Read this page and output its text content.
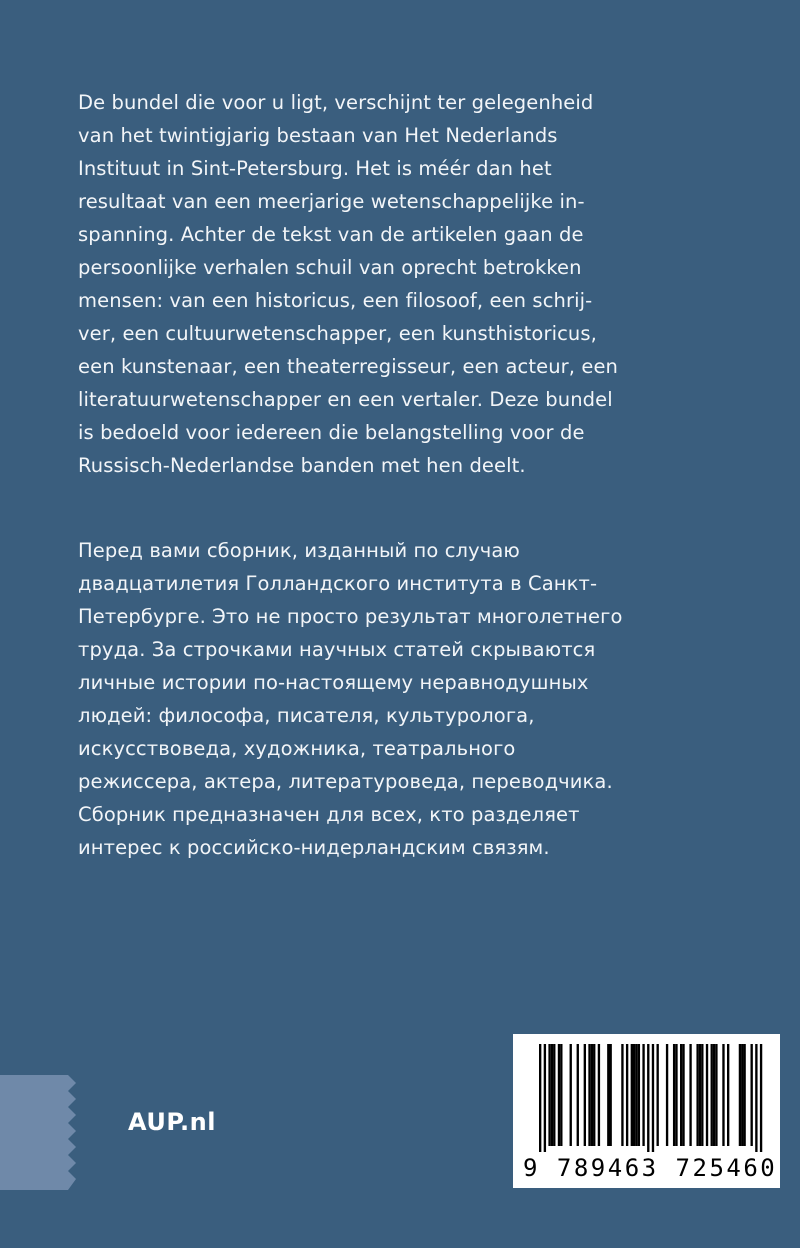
De bundel die voor u ligt, verschijnt ter gelegenheid
van het twintigjarig bestaan van Het Nederlands
Instituut in Sint-Petersburg. Het is méér dan het
resultaat van een meerjarige wetenschappelijke in-
spanning. Achter de tekst van de artikelen gaan de
persoonlijke verhalen schuil van oprecht betrokken
mensen: van een historicus, een filosoof, een schrij-
ver, een cultuurwetenschapper, een kunsthistoricus,
een kunstenaar, een theaterregisseur, een acteur, een
literatuurwetenschapper en een vertaler. Deze bundel
is bedoeld voor iedereen die belangstelling voor de
Russisch-Nederlandse banden met hen deelt.
Перед вами сборник, изданный по случаю
двадцатилетия Голландского института в Санкт-
Петербурге. Это не просто результат многолетнего
труда. За строчками научных статей скрываются
личные истории по-настоящему неравнодушных
людей: философа, писателя, культуролога,
искусствоведа, художника, театрального
режиссера, актера, литературоведа, переводчика.
Сборник предназначен для всех, кто разделяет
интерес к российско-нидерландским связям.
AUP.nl
9 789463 725460
